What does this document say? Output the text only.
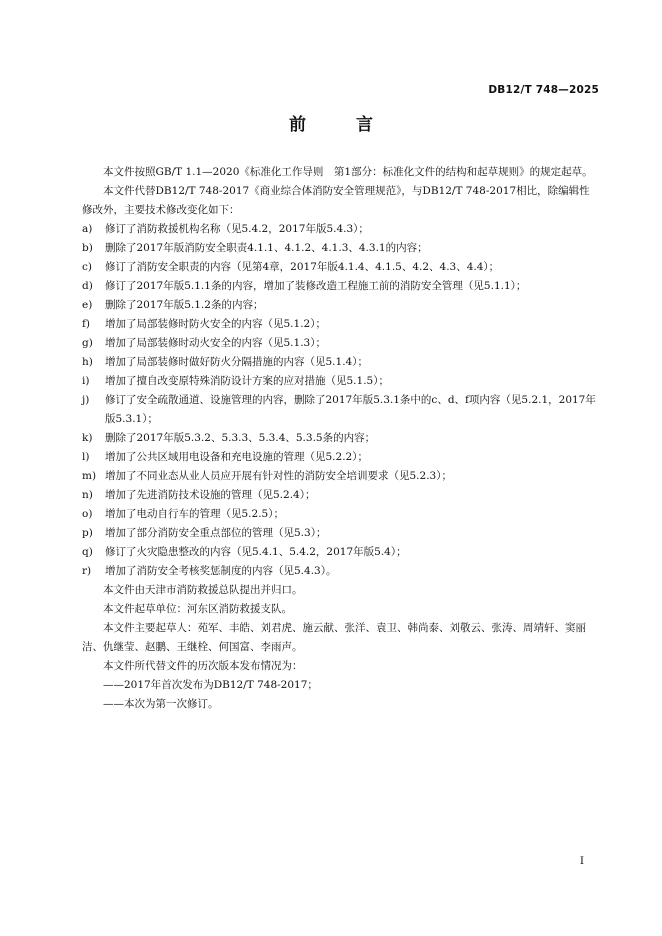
DB12/T 748—2025
前 言

本文件按照GB/T 1.1—2020《标准化工作导则　第1部分：标准化文件的结构和起草规则》的规定起草。

本文件代替DB12/T 748-2017《商业综合体消防安全管理规范》，与DB12/T 748-2017相比，除编辑性修改外，主要技术修改变化如下：

a)	修订了消防救援机构名称（见5.4.2，2017年版5.4.3）；
b)	删除了2017年版消防安全职责4.1.1、4.1.2、4.1.3、4.3.1的内容；
c)	修订了消防安全职责的内容（见第4章，2017年版4.1.4、4.1.5、4.2、4.3、4.4）；
d)	修订了2017年版5.1.1条的内容，增加了装修改造工程施工前的消防安全管理（见5.1.1）；
e)	删除了2017年版5.1.2条的内容；
f)	增加了局部装修时防火安全的内容（见5.1.2）；
g)	增加了局部装修时动火安全的内容（见5.1.3）；
h)	增加了局部装修时做好防火分隔措施的内容（见5.1.4）；
i)	增加了擅自改变原特殊消防设计方案的应对措施（见5.1.5）；
j)	修订了安全疏散通道、设施管理的内容，删除了2017年版5.3.1条中的c、d、f项内容（见5.2.1，2017年版5.3.1）；
k)	删除了2017年版5.3.2、5.3.3、5.3.4、5.3.5条的内容；
l)	增加了公共区域用电设备和充电设施的管理（见5.2.2）；
m) 增加了不同业态从业人员应开展有针对性的消防安全培训要求（见5.2.3）；
n)	增加了先进消防技术设施的管理（见5.2.4）；
o)	增加了电动自行车的管理（见5.2.5）；
p)	增加了部分消防安全重点部位的管理（见5.3）；
q)	修订了火灾隐患整改的内容（见5.4.1、5.4.2，2017年版5.4）；
r)	增加了消防安全考核奖惩制度的内容（见5.4.3）。

本文件由天津市消防救援总队提出并归口。

本文件起草单位：河东区消防救援支队。

本文件主要起草人：苑军、丰皓、刘君虎、施云献、张洋、袁卫、韩尚泰、刘敬云、张涛、周靖轩、窦丽洁、仇继莹、赵鹏、王继栓、何国富、李雨声。

本文件所代替文件的历次版本发布情况为：

——2017年首次发布为DB12/T 748-2017；

——本次为第一次修订。

I
